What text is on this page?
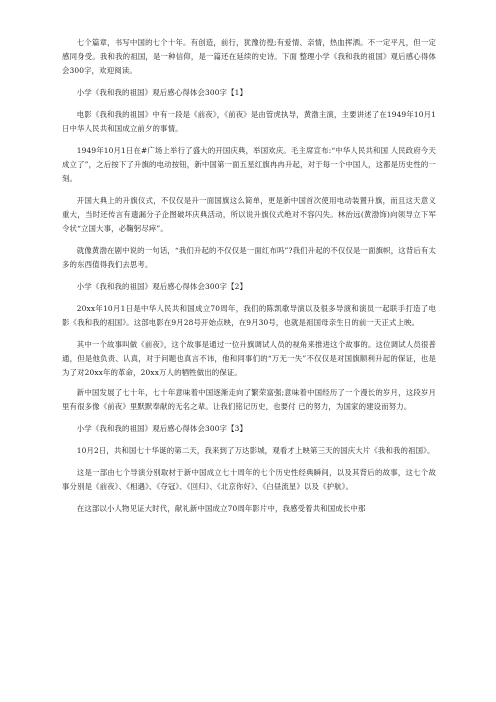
七个篇章，书写中国的七个十年。有创造，前行，犹豫彷徨;有爱情、亲情，热血挥洒。不一定平凡，但一定感同身受。我和我的祖国，是一种信仰，是一篇还在延续的史诗。下面 整理小学《我和我的祖国》观后感心得体会300字，欢迎阅读。

小学《我和我的祖国》观后感心得体会300字【1】

电影《我和我的祖国》中有一段是《前夜》，《前夜》是由管虎执导，黄渤主演，主要讲述了在1949年10月1日中华人民共和国成立前夕的事情。

1949年10月1日在#广场上举行了盛大的开国庆典，举国欢庆。毛主席宣布:“中华人民共和国 人民政府今天成立了”，之后按下了升旗的电动按钮，新中国第一面五星红旗冉冉升起，对于每一个中国人，这都是历史性的一刻。

开国大典上的升旗仪式，不仅仅是升一面国旗这么简单，更是新中国首次使用电动装置升旗，而且这天意义重大，当时还传言有遗漏分子企图破坏庆典活动，所以说升旗仪式绝对不容闪失。林治远(黄渤饰)向领导立下军令状“立国大事，必鞠躬尽瘁”。

就像黄渤在剧中说的一句话，“我们升起的不仅仅是一面红布吗”?我们升起的不仅仅是一面旗帜，这背后有太多的东西值得我们去思考。

小学《我和我的祖国》观后感心得体会300字【2】

20xx年10月1日是中华人民共和国成立70周年，我们的陈凯歌导演以及很多导演和演员一起联手打造了电影《我和我的祖国》。这部电影在9月28号开始点映，在9月30号，也就是祖国母亲生日的前一天正式上映。

其中一个故事叫做《前夜》，这个故事是通过一位升旗调试人员的视角来推进这个故事的。这位调试人员很普通，但是他负责、认真，对于问题也真言不讳，他和同事们的“万无一失”不仅仅是对国旗顺利升起的保证，也是为了对20xx年的革命，20xx万人的牺牲做出的保证。

新中国发展了七十年，七十年意味着中国逐渐走向了繁荣富强;意味着中国经历了一个漫长的岁月，这段岁月里有很多像《前夜》里默默奉献的无名之辈。让我们铭记历史，也要付 已的努力，为国家的建设而努力。

小学《我和我的祖国》观后感心得体会300字【3】

10月2日，共和国七十华诞的第二天，我来到了万达影城，观看才上映第三天的国庆大片《我和我的祖国》。

这是一部由七个导演分别取材于新中国成立七十周年的七个历史性经典瞬间，以及其背后的故事，这七个故事分别是《前夜》、《相遇》、《夺冠》、《回归》、《北京你好》、《白昼流星》以及《护航》。

在这部以小人物见证大时代，献礼新中国成立70周年影片中，我感受着共和国成长中那
